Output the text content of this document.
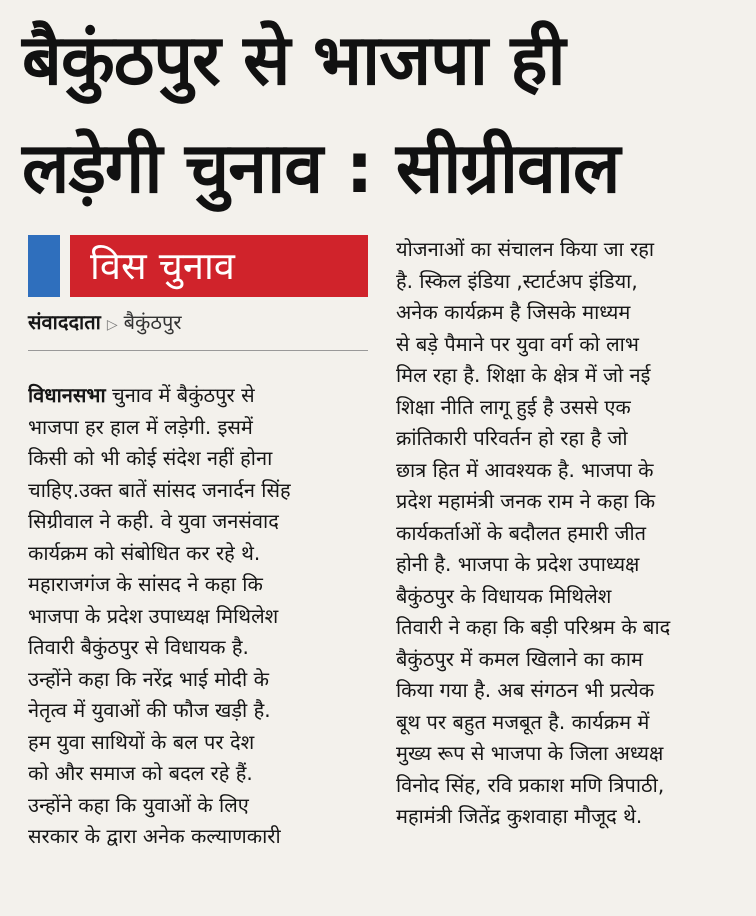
बैकुंठपुर से भाजपा ही
लड़ेगी चुनाव : सीग्रीवाल
विस चुनाव
संवाददाता ▷ बैकुंठपुर
विधानसभा चुनाव में बैकुंठपुर से
भाजपा हर हाल में लड़ेगी. इसमें
किसी को भी कोई संदेश नहीं होना
चाहिए.उक्त बातें सांसद जनार्दन सिंह
सिग्रीवाल ने कही. वे युवा जनसंवाद
कार्यक्रम को संबोधित कर रहे थे.
महाराजगंज के सांसद ने कहा कि
भाजपा के प्रदेश उपाध्यक्ष मिथिलेश
तिवारी बैकुंठपुर से विधायक है.
उन्होंने कहा कि नरेंद्र भाई मोदी के
नेतृत्व में युवाओं की फौज खड़ी है.
हम युवा साथियों के बल पर देश
को और समाज को बदल रहे हैं.
उन्होंने कहा कि युवाओं के लिए
सरकार के द्वारा अनेक कल्याणकारी
योजनाओं का संचालन किया जा रहा
है. स्किल इंडिया ,स्टार्टअप इंडिया,
अनेक कार्यक्रम है जिसके माध्यम
से बड़े पैमाने पर युवा वर्ग को लाभ
मिल रहा है. शिक्षा के क्षेत्र में जो नई
शिक्षा नीति लागू हुई है उससे एक
क्रांतिकारी परिवर्तन हो रहा है जो
छात्र हित में आवश्यक है. भाजपा के
प्रदेश महामंत्री जनक राम ने कहा कि
कार्यकर्ताओं के बदौलत हमारी जीत
होनी है. भाजपा के प्रदेश उपाध्यक्ष
बैकुंठपुर के विधायक मिथिलेश
तिवारी ने कहा कि बड़ी परिश्रम के बाद
बैकुंठपुर में कमल खिलाने का काम
किया गया है. अब संगठन भी प्रत्येक
बूथ पर बहुत मजबूत है. कार्यक्रम में
मुख्य रूप से भाजपा के जिला अध्यक्ष
विनोद सिंह, रवि प्रकाश मणि त्रिपाठी,
महामंत्री जितेंद्र कुशवाहा मौजूद थे.
